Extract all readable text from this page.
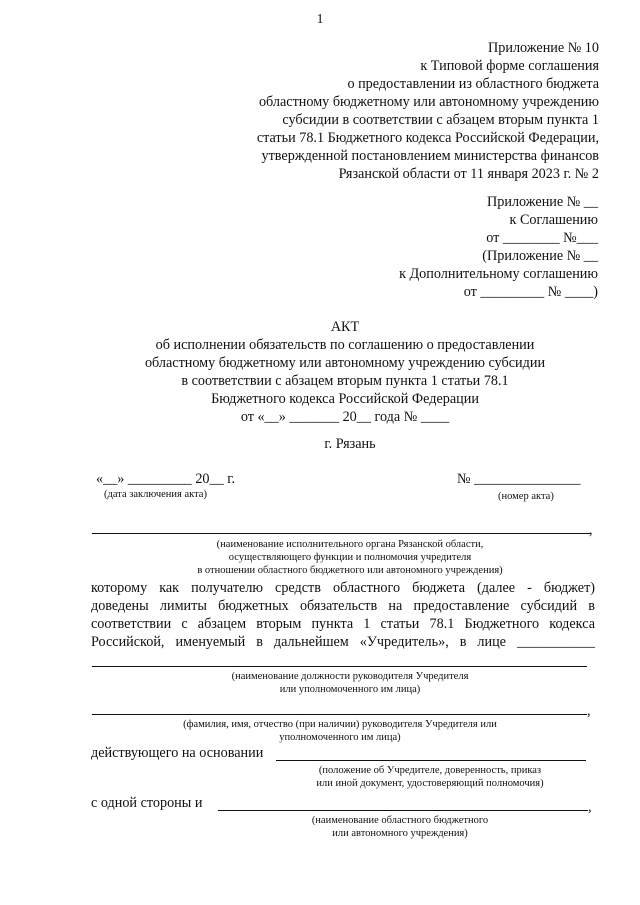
1
Приложение № 10
к Типовой форме соглашения
о предоставлении из областного бюджета
областному бюджетному или автономному учреждению
субсидии в соответствии с абзацем вторым пункта 1
статьи 78.1 Бюджетного кодекса Российской Федерации,
утвержденной постановлением министерства финансов
Рязанской области от 11 января 2023 г. № 2
Приложение № __
к Соглашению
от ________ №___
(Приложение № __
к Дополнительному соглашению
от _________ № ____)
АКТ
об исполнении обязательств по соглашению о предоставлении
областному бюджетному или автономному учреждению субсидии
в соответствии с абзацем вторым пункта 1 статьи 78.1
Бюджетного кодекса Российской Федерации
от «__» _______ 20__ года № ____
г. Рязань
«__» _________ 20__ г.
(дата заключения акта)
№ _______________
(номер акта)
,
(наименование исполнительного органа Рязанской области,
осуществляющего функции и полномочия учредителя
в отношении областного бюджетного или автономного учреждения)
которому как получателю средств областного бюджета (далее - бюджет)
доведены лимиты бюджетных обязательств на предоставление субсидий в
соответствии с абзацем вторым пункта 1 статьи 78.1 Бюджетного кодекса
Российской, именуемый в дальнейшем «Учредитель», в лице ___________
(наименование должности руководителя Учредителя
или уполномоченного им лица)
,
(фамилия, имя, отчество (при наличии) руководителя Учредителя или
уполномоченного им лица)
действующего на основании
(положение об Учредителе, доверенность, приказ
или иной документ, удостоверяющий полномочия)
с одной стороны и	,
(наименование областного бюджетного
или автономного учреждения)
